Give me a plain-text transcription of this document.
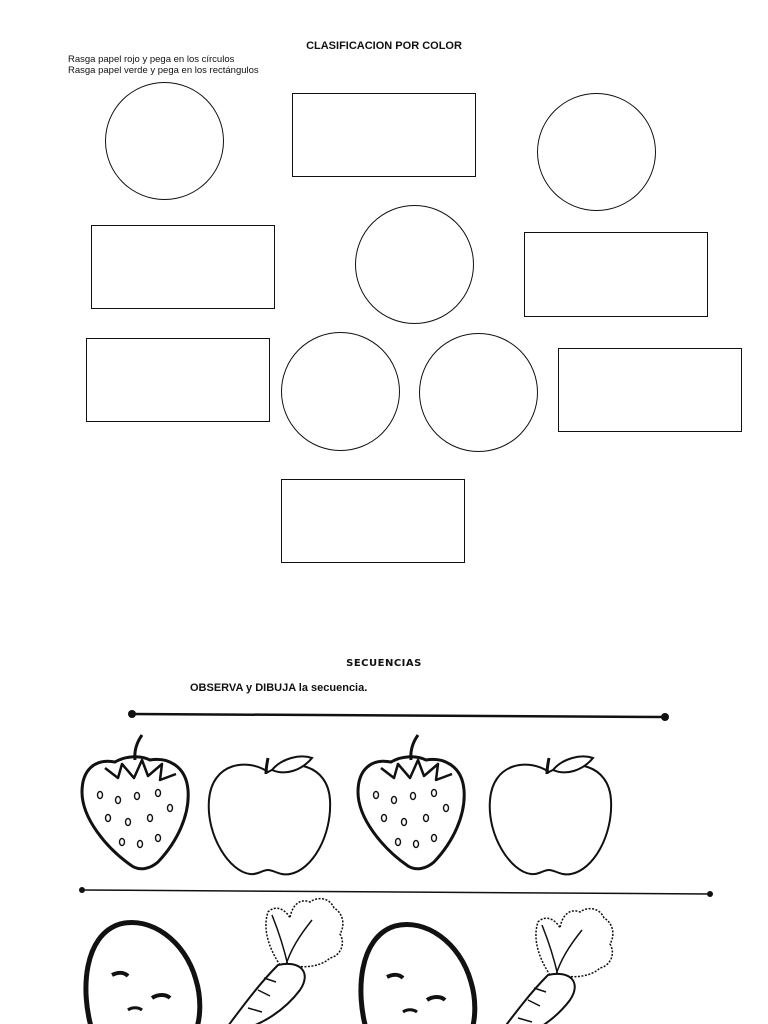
CLASIFICACION POR COLOR
Rasga papel rojo y pega en los círculos
Rasga papel verde y pega en los rectángulos
SECUENCIAS
OBSERVA y DIBUJA la secuencia.
